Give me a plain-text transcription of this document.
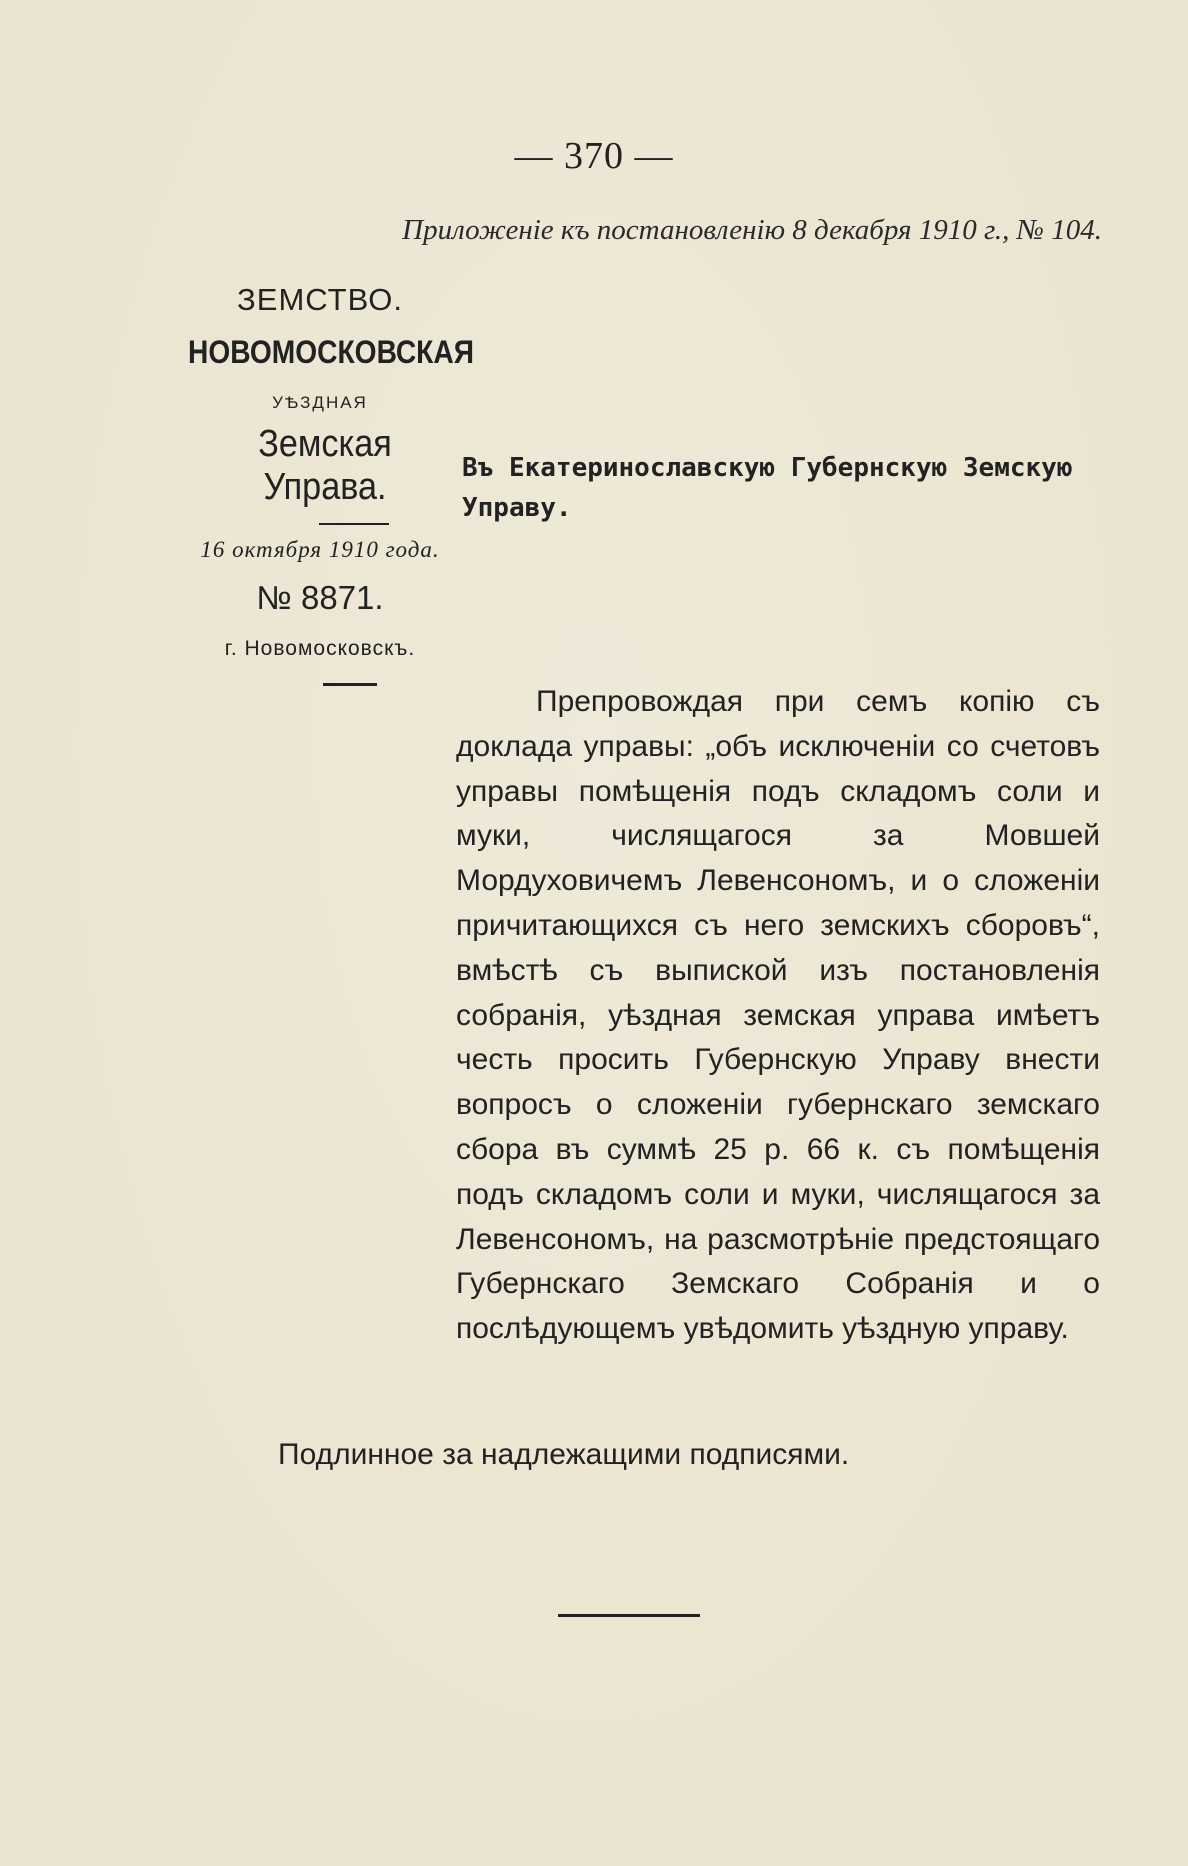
— 370 —
Приложенiе къ постановленiю 8 декабря 1910 г., № 104.
ЗЕМСТВО.
НОВОМОСКОВСКАЯ
УѢЗДНАЯ
Земская Управа.
16 октября 1910 года.
№ 8871.
г. Новомосковскъ.
Въ Екатеринославскую Губернскую Земскую Управу.

Препровождая при семъ копiю съ доклада управы: „объ исключенiи со счетовъ управы помѣщенiя подъ складомъ соли и муки, числящагося за Мовшей Мордуховичемъ Левенсономъ, и о сложенiи причитающихся съ него земскихъ сборовъ“, вмѣстѣ съ выпиской изъ постановленiя собранiя, уѣздная земская управа имѣетъ честь просить Губернскую Управу внести вопросъ о сложенiи губернскаго земскаго сбора въ суммѣ 25 р. 66 к. съ помѣщенiя подъ складомъ соли и муки, числящагося за Левенсономъ, на разсмотрѣнiе предстоящаго Губернскаго Земскаго Собранiя и о послѣдующемъ увѣдомить уѣздную управу.

Подлинное за надлежащими подписями.
